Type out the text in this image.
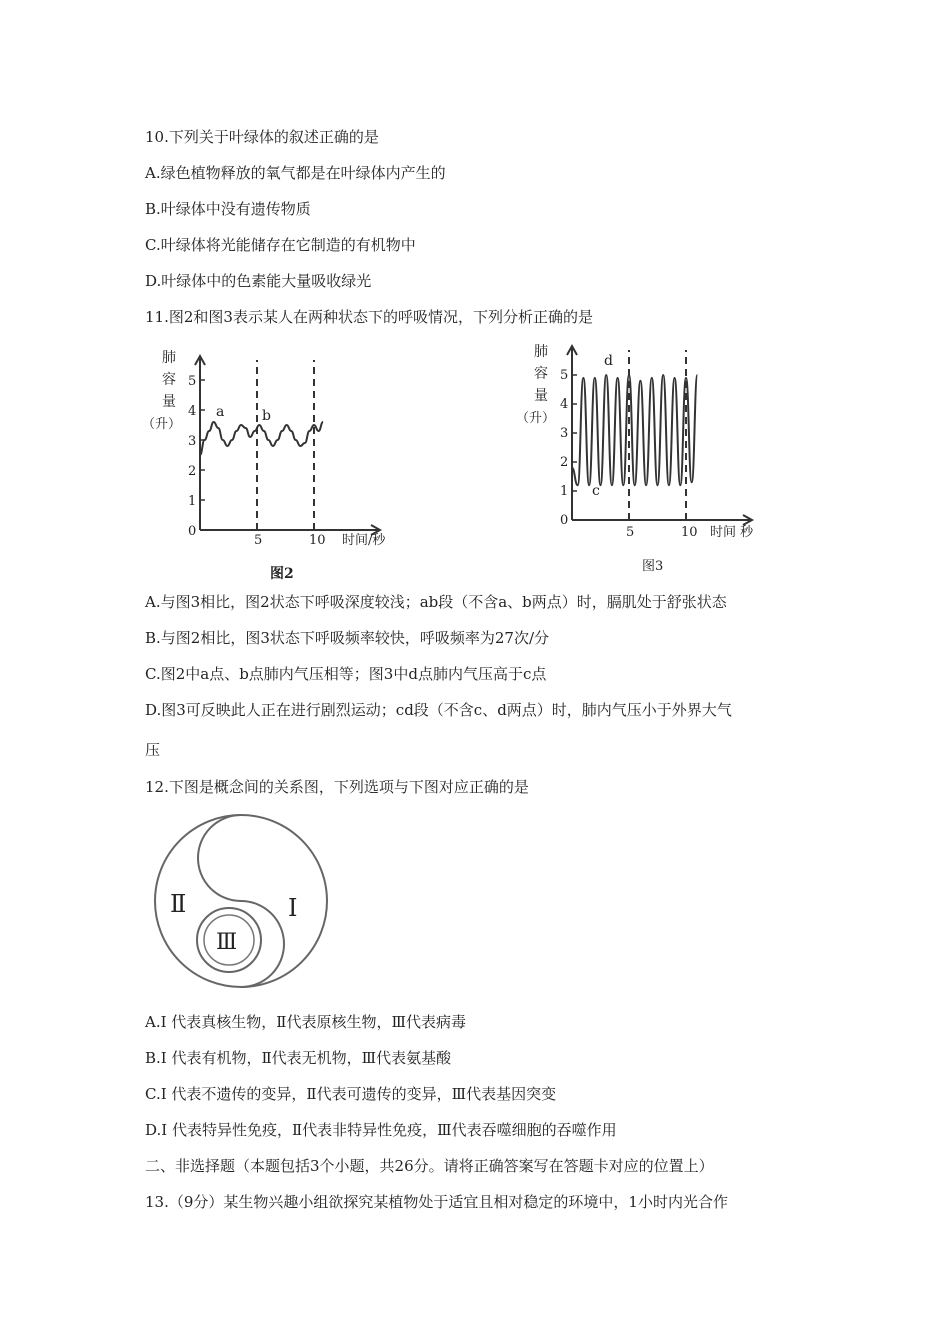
10.下列关于叶绿体的叙述正确的是
A.绿色植物释放的氧气都是在叶绿体内产生的
B.叶绿体中没有遗传物质
C.叶绿体将光能储存在它制造的有机物中
D.叶绿体中的色素能大量吸收绿光
11.图2和图3表示某人在两种状态下的呼吸情况，下列分析正确的是
肺
容
量
（升）
0
1
2
3
4
5
5	10 时间/秒
a	b
图2
肺
容
量
（升）
0
1
2
3
4
5
5	10 时间 秒
c
d
图3
A.与图3相比，图2状态下呼吸深度较浅；ab段（不含a、b两点）时，膈肌处于舒张状态
B.与图2相比，图3状态下呼吸频率较快，呼吸频率为27次/分
C.图2中a点、b点肺内气压相等；图3中d点肺内气压高于c点
D.图3可反映此人正在进行剧烈运动；cd段（不含c、d两点）时，肺内气压小于外界大气
压
12.下图是概念间的关系图，下列选项与下图对应正确的是
Ⅱ	Ⅰ
Ⅲ
A.Ⅰ 代表真核生物，Ⅱ代表原核生物，Ⅲ代表病毒
B.Ⅰ 代表有机物，Ⅱ代表无机物，Ⅲ代表氨基酸
C.Ⅰ 代表不遗传的变异，Ⅱ代表可遗传的变异，Ⅲ代表基因突变
D.Ⅰ 代表特异性免疫，Ⅱ代表非特异性免疫，Ⅲ代表吞噬细胞的吞噬作用
二、非选择题（本题包括3个小题，共26分。请将正确答案写在答题卡对应的位置上）
13.（9分）某生物兴趣小组欲探究某植物处于适宜且相对稳定的环境中，1小时内光合作
